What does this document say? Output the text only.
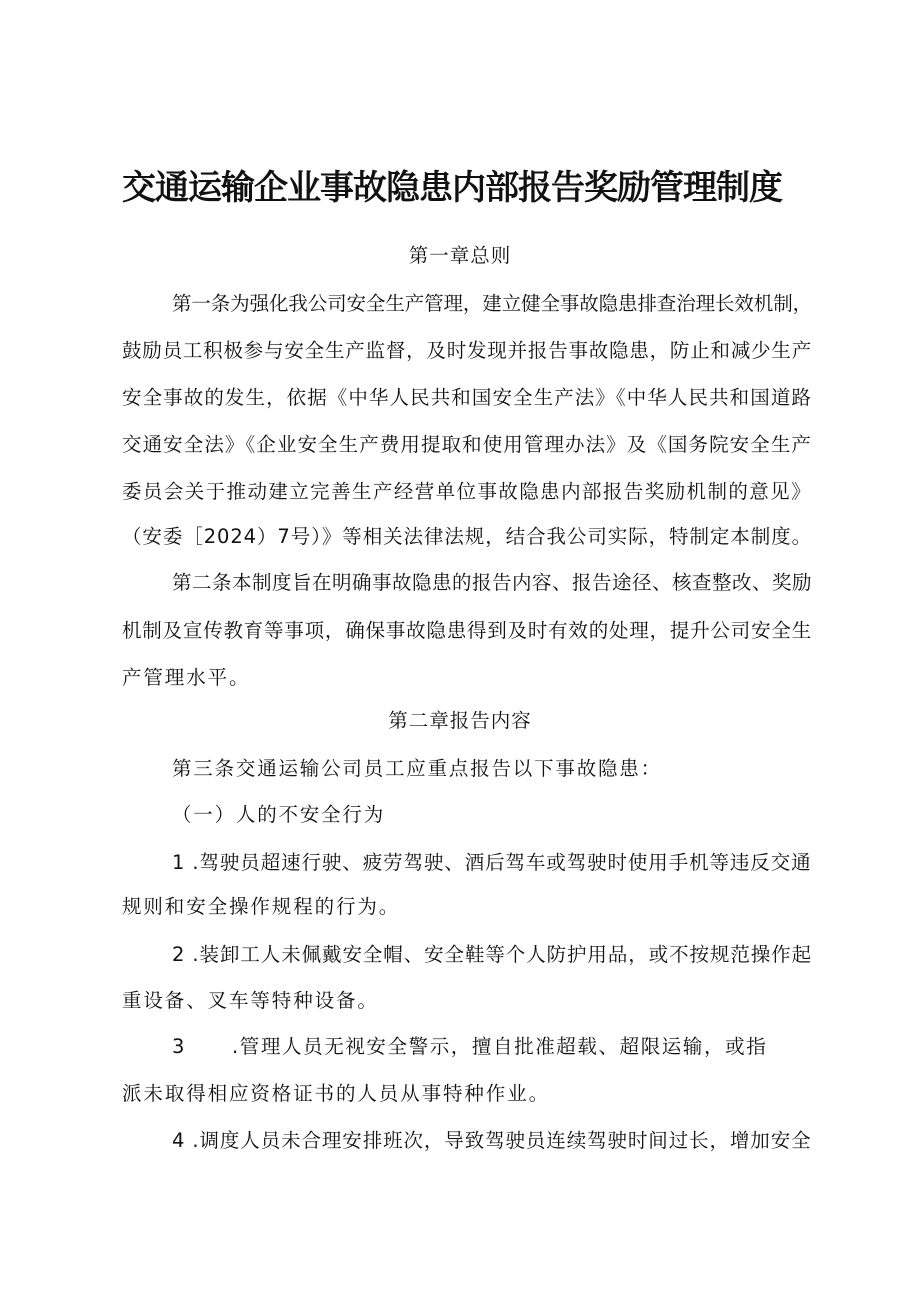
交通运输企业事故隐患内部报告奖励管理制度
第一章总则
第一条为强化我公司安全生产管理，建立健全事故隐患排查治理长效机制，
鼓励员工积极参与安全生产监督，及时发现并报告事故隐患，防止和减少生产
安全事故的发生，依据《中华人民共和国安全生产法》《中华人民共和国道路
交通安全法》《企业安全生产费用提取和使用管理办法》及《国务院安全生产
委员会关于推动建立完善生产经营单位事故隐患内部报告奖励机制的意见》
（安委［2024）7号）》等相关法律法规，结合我公司实际，特制定本制度。
第二条本制度旨在明确事故隐患的报告内容、报告途径、核查整改、奖励
机制及宣传教育等事项，确保事故隐患得到及时有效的处理，提升公司安全生
产管理水平。
第二章报告内容
第三条交通运输公司员工应重点报告以下事故隐患：
（一）人的不安全行为
1 .驾驶员超速行驶、疲劳驾驶、酒后驾车或驾驶时使用手机等违反交通
规则和安全操作规程的行为。
2 .装卸工人未佩戴安全帽、安全鞋等个人防护用品，或不按规范操作起
重设备、叉车等特种设备。
3 .管理人员无视安全警示，擅自批准超载、超限运输，或指
派未取得相应资格证书的人员从事特种作业。
4 .调度人员未合理安排班次，导致驾驶员连续驾驶时间过长，增加安全
